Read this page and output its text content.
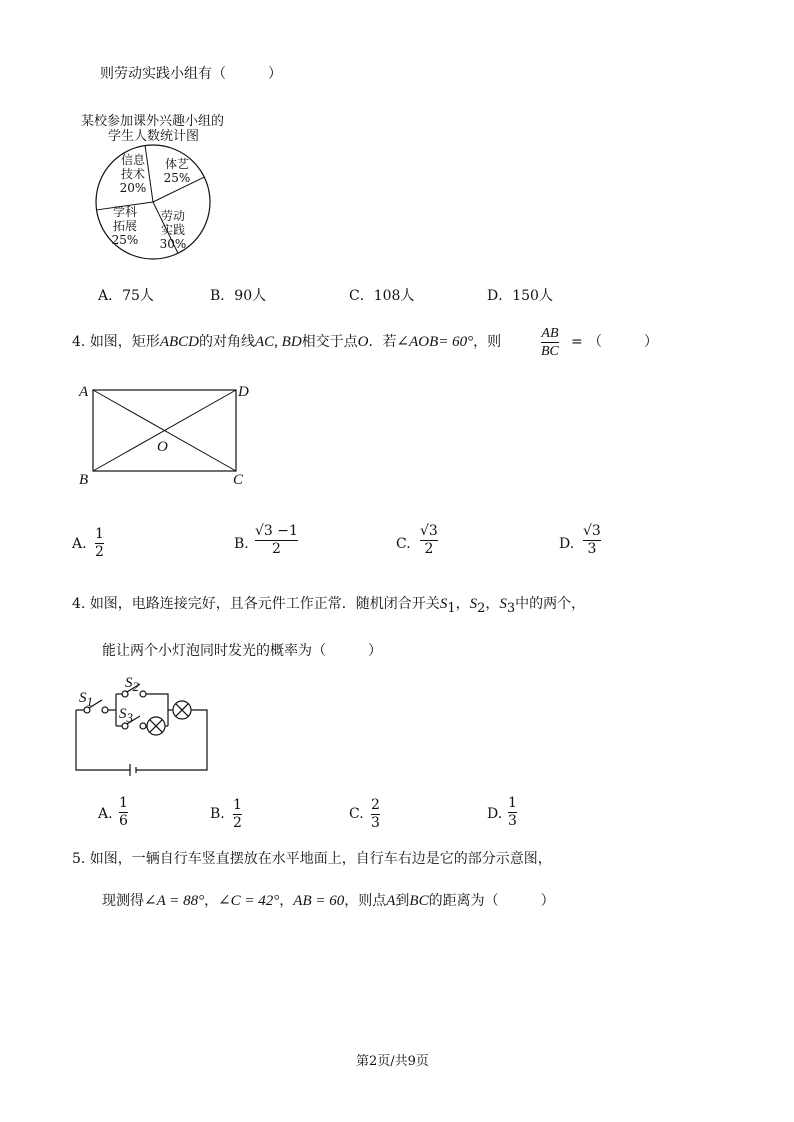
则劳动实践小组有（　　　）
某校参加课外兴趣小组的
学生人数统计图
信息
技术
20%
体艺
25%
劳动
实践
30%
学科
拓展
25%
A．75人	B．90人	C．108人	D．150人
4. 如图，矩形ABCD的对角线AC, BD相交于点O．若∠AOB= 60°，则
AB
BC
= （　　　）
A	D
B	C
O
A.
1
2	B.
√3 −1
2	C.
√3
2	D.
√3
3
4. 如图，电路连接完好，且各元件工作正常．随机闭合开关$S_1$，$S_2$，$S_3$中的两个，
能让两个小灯泡同时发光的概率为（　　　）
$S_1$
$S_2$
$S_3$
A.
1
6	B.
1
2
C.
2
3
D.
1
3
5. 如图，一辆自行车竖直摆放在水平地面上，自行车右边是它的部分示意图，
现测得∠A = 88°，∠C = 42°，AB = 60，则点A到BC的距离为（　　　）
第2页/共9页
